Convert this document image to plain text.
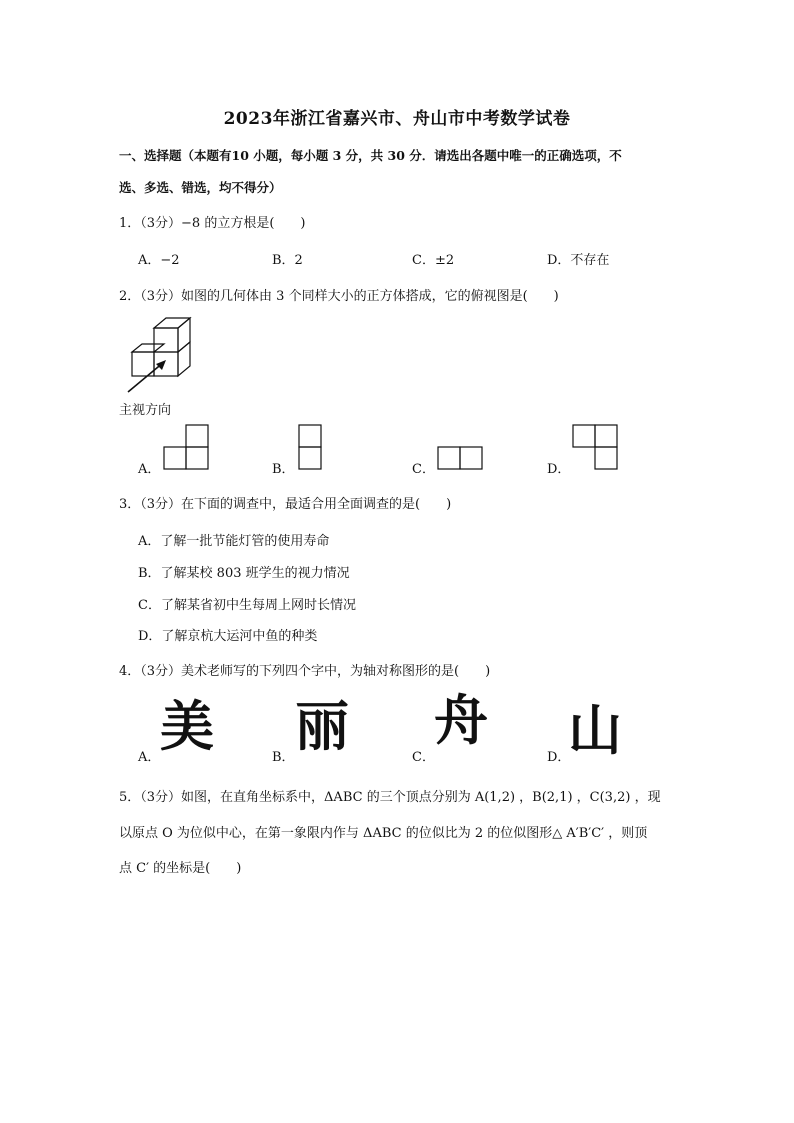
2023年浙江省嘉兴市、舟山市中考数学试卷
一、选择题（本题有10 小题，每小题 3 分，共 30 分．请选出各题中唯一的正确选项，不
选、多选、错选，均不得分）
1．（3分）−8 的立方根是(　　)
A．−2	B．2	C．±2	D．不存在
2．（3分）如图的几何体由 3 个同样大小的正方体搭成，它的俯视图是(　　)
主视方向
A．	B．	C．	D．
3．（3分）在下面的调查中，最适合用全面调查的是(　　)
A．了解一批节能灯管的使用寿命
B．了解某校 803 班学生的视力情况
C．了解某省初中生每周上网时长情况
D．了解京杭大运河中鱼的种类
4．（3分）美术老师写的下列四个字中，为轴对称图形的是(　　)
A． 美	B． 丽	C．
舟
D．
山
5．（3分）如图，在直角坐标系中，ΔABC 的三个顶点分别为 A(1,2) ，B(2,1) ，C(3,2) ，现
以原点 O 为位似中心，在第一象限内作与 ΔABC 的位似比为 2 的位似图形△ A′B′C′ ，则顶
点 C′ 的坐标是(　　)
